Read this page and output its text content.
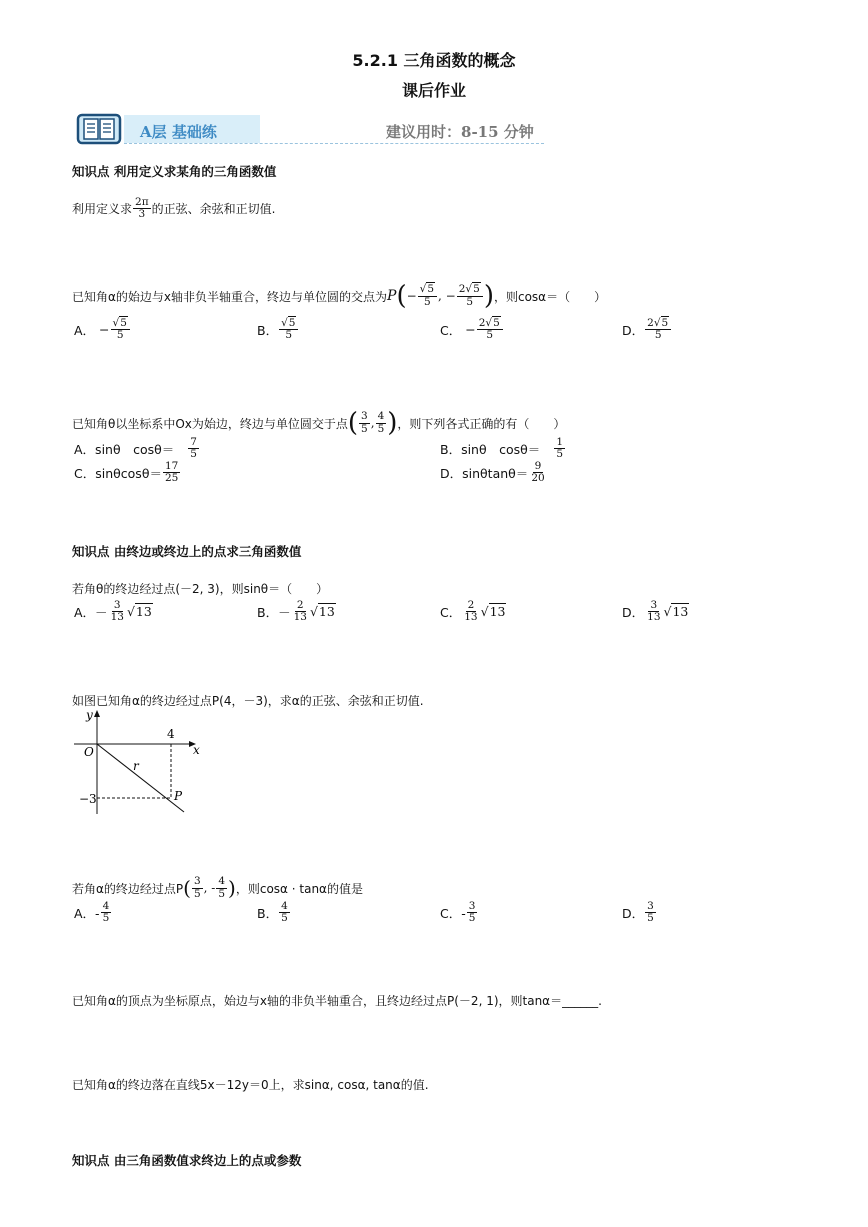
5.2.1 三角函数的概念
课后作业
A层 基础练	建议用时：8-15 分钟
知识点 利用定义求某角的三角函数值
利用定义求 $\frac{2\pi}{3}$ 的正弦、余弦和正切值.
已知角α的始边与x轴非负半轴重合，终边与单位圆的交点为 P ( − $\frac{√5}{5}$ , − $\frac{2√5}{5}$ ) ，则cosα＝（　　）
A． − $\frac{√5}{5}$	B． $\frac{√5}{5}$	C． − $\frac{2√5}{5}$	D． $\frac{2√5}{5}$
已知角θ以坐标系中Ox为始边，终边与单位圆交于点 ( $\frac{3}{5}$ , $\frac{4}{5}$ ) ，则下列各式正确的有（　　）
A．sinθ　$\cos\theta= \frac{7}{5}$	B．sinθ　$\cos\theta= \frac{1}{5}$
C．$\sin\theta\cos\theta= \frac{17}{25}$	D．$\sin\theta\tan\theta= \frac{9}{20}$
知识点 由终边或终边上的点求三角函数值
若角θ的终边经过点(－2, 3)，则sinθ＝（　　）
A．－ $\frac{3}{13} √13$	B．－ $\frac{2}{13} √13$	C． $\frac{2}{13} √13$	D． $\frac{3}{13} √13$
如图已知角α的终边经过点P(4，－3)，求α的正弦、余弦和正切值.
y
x
O
4
r
−3	P
若角α的终边经过点P ( $\frac{3}{5}$ , - $\frac{4}{5}$ ) ，则cosα · tanα的值是
A．- $\frac{4}{5}$	B． $\frac{4}{5}$	C．- $\frac{3}{5}$	D． $\frac{3}{5}$
已知角α的顶点为坐标原点，始边与x轴的非负半轴重合，且终边经过点P(－2, 1)，则tanα＝______.
已知角α的终边落在直线5x－12y＝0上，求sinα, cosα, tanα的值.
知识点 由三角函数值求终边上的点或参数
